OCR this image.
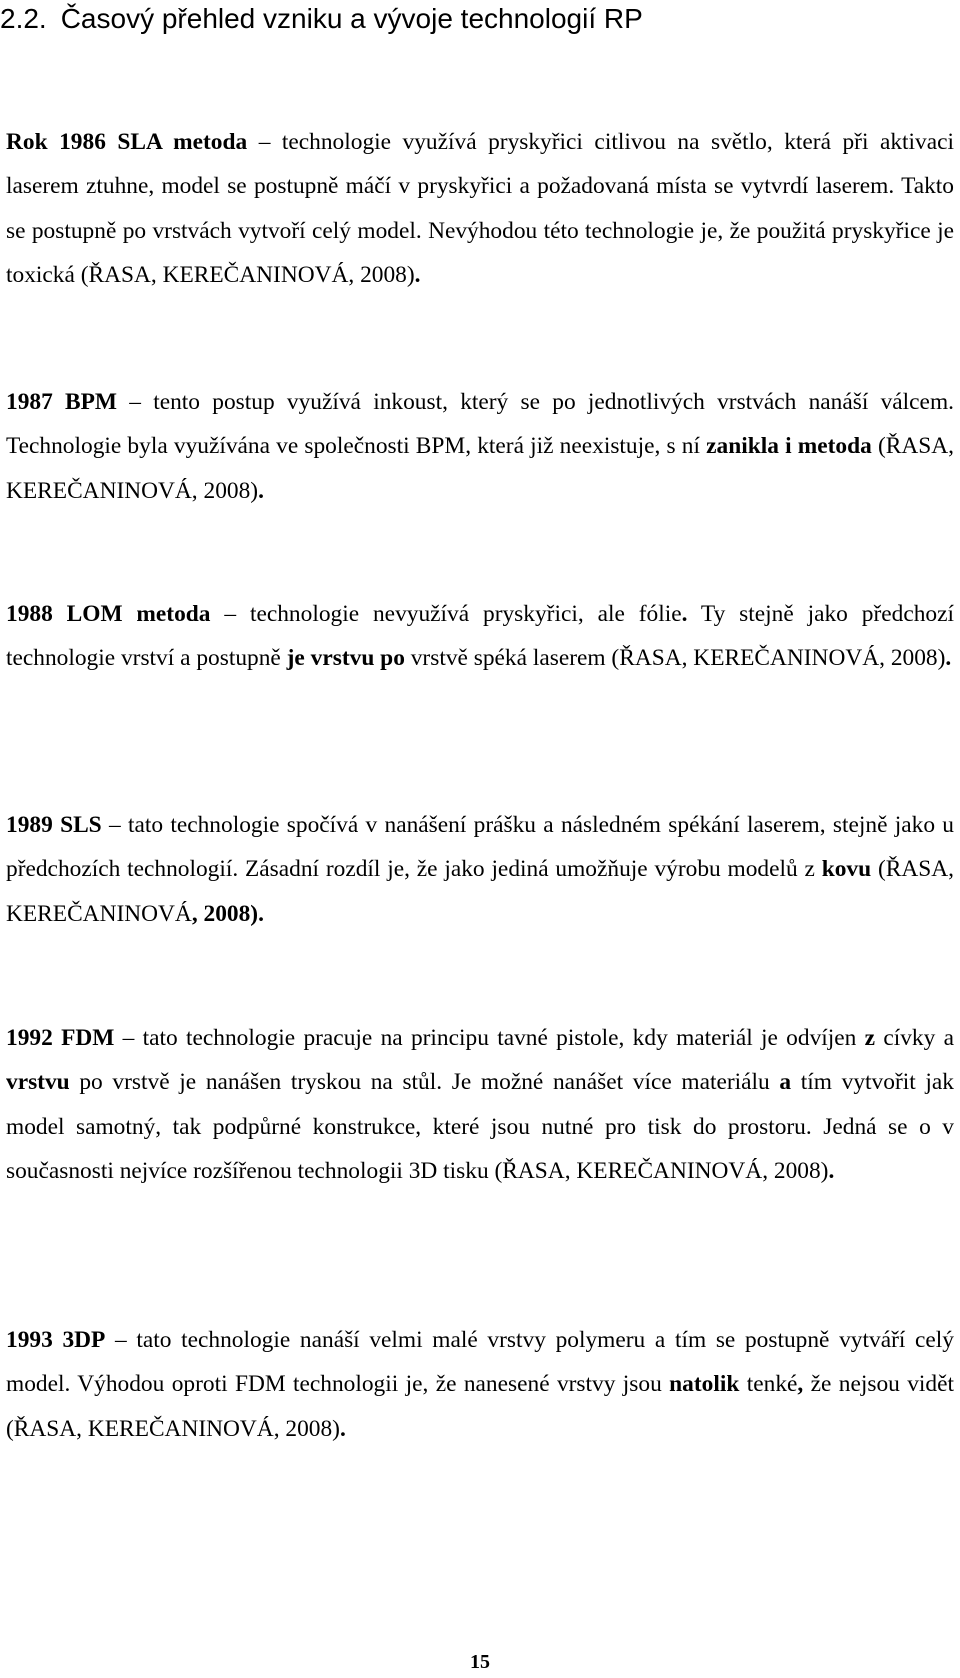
2.2. Časový přehled vzniku a vývoje technologií RP

Rok 1986 SLA metoda – technologie využívá pryskyřici citlivou na světlo, která při aktivaci laserem ztuhne, model se postupně máčí v pryskyřici a požadovaná místa se vytvrdí laserem. Takto se postupně po vrstvách vytvoří celý model. Nevýhodou této technologie je, že použitá pryskyřice je toxická (ŘASA, KEREČANINOVÁ, 2008).

1987 BPM – tento postup využívá inkoust, který se po jednotlivých vrstvách nanáší válcem. Technologie byla využívána ve společnosti BPM, která již neexistuje, s ní zanikla i metoda (ŘASA, KEREČANINOVÁ, 2008).

1988 LOM metoda – technologie nevyužívá pryskyřici, ale fólie. Ty stejně jako předchozí technologie vrství a postupně je vrstvu po vrstvě spéká laserem (ŘASA, KEREČANINOVÁ, 2008).

1989 SLS – tato technologie spočívá v nanášení prášku a následném spékání laserem, stejně jako u předchozích technologií. Zásadní rozdíl je, že jako jediná umožňuje výrobu modelů z kovu (ŘASA, KEREČANINOVÁ, 2008).

1992 FDM – tato technologie pracuje na principu tavné pistole, kdy materiál je odvíjen z cívky a vrstvu po vrstvě je nanášen tryskou na stůl. Je možné nanášet více materiálu a tím vytvořit jak model samotný, tak podpůrné konstrukce, které jsou nutné pro tisk do prostoru. Jedná se o v současnosti nejvíce rozšířenou technologii 3D tisku (ŘASA, KEREČANINOVÁ, 2008).

1993 3DP – tato technologie nanáší velmi malé vrstvy polymeru a tím se postupně vytváří celý model. Výhodou oproti FDM technologii je, že nanesené vrstvy jsou natolik tenké, že nejsou vidět (ŘASA, KEREČANINOVÁ, 2008).

15
